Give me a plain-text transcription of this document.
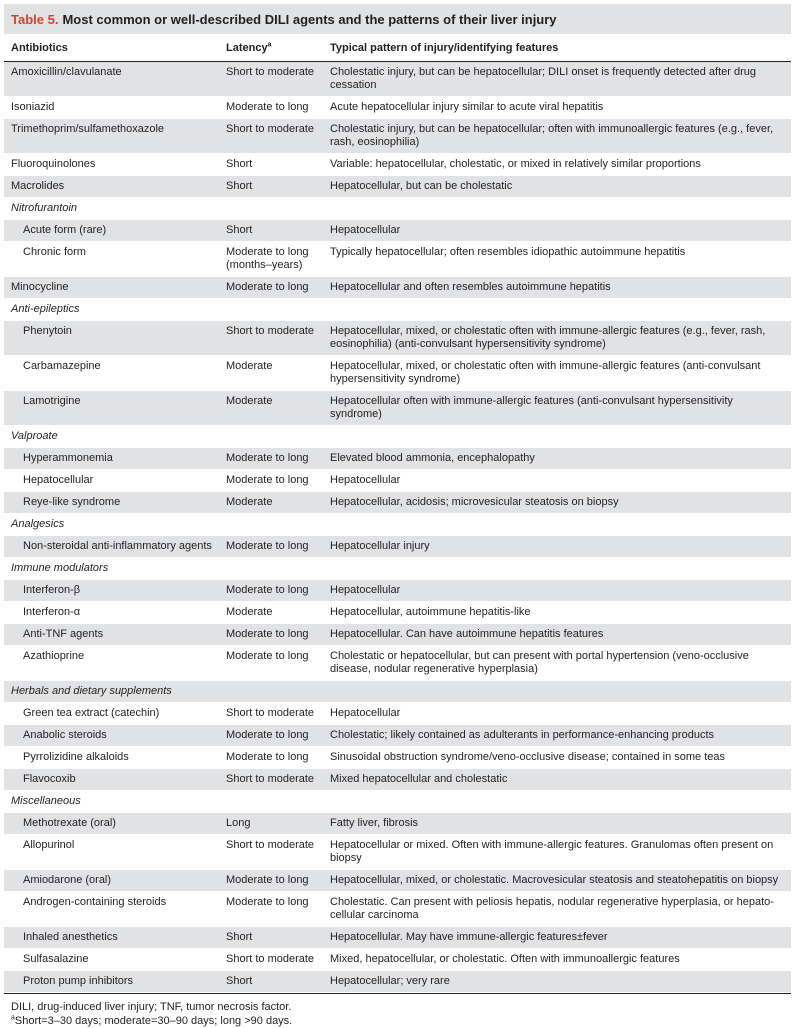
Table 5. Most common or well-described DILI agents and the patterns of their liver injury
Antibiotics	Latency$^a$	Typical pattern of injury/identifying features
Amoxicillin/clavulanate	Short to moderate	Cholestatic injury, but can be hepatocellular; DILI onset is frequently detected after drug cessation
Isoniazid	Moderate to long	Acute hepatocellular injury similar to acute viral hepatitis
Trimethoprim/sulfamethoxazole	Short to moderate	Cholestatic injury, but can be hepatocellular; often with immunoallergic features (e.g., fever, rash, eosinophilia)
Fluoroquinolones	Short	Variable: hepatocellular, cholestatic, or mixed in relatively similar proportions
Macrolides	Short	Hepatocellular, but can be cholestatic
Nitrofurantoin		
Acute form (rare)	Short	Hepatocellular
Chronic form	Moderate to long (months–years)	Typically hepatocellular; often resembles idiopathic autoimmune hepatitis
Minocycline	Moderate to long	Hepatocellular and often resembles autoimmune hepatitis
Anti-epileptics		
Phenytoin	Short to moderate	Hepatocellular, mixed, or cholestatic often with immune-allergic features (e.g., fever, rash, eosinophilia) (anti-convulsant hypersensitivity syndrome)
Carbamazepine	Moderate	Hepatocellular, mixed, or cholestatic often with immune-allergic features (anti-convulsant hypersensitivity syndrome)
Lamotrigine	Moderate	Hepatocellular often with immune-allergic features (anti-convulsant hypersensitivity syndrome)
Valproate		
Hyperammonemia	Moderate to long	Elevated blood ammonia, encephalopathy
Hepatocellular	Moderate to long	Hepatocellular
Reye-like syndrome	Moderate	Hepatocellular, acidosis; microvesicular steatosis on biopsy
Analgesics		
Non-steroidal anti-inflammatory agents	Moderate to long	Hepatocellular injury
Immune modulators		
Interferon-β	Moderate to long	Hepatocellular
Interferon-α	Moderate	Hepatocellular, autoimmune hepatitis-like
Anti-TNF agents	Moderate to long	Hepatocellular. Can have autoimmune hepatitis features
Azathioprine	Moderate to long	Cholestatic or hepatocellular, but can present with portal hypertension (veno-occlusive disease, nodular regenerative hyperplasia)
Herbals and dietary supplements		
Green tea extract (catechin)	Short to moderate	Hepatocellular
Anabolic steroids	Moderate to long	Cholestatic; likely contained as adulterants in performance-enhancing products
Pyrrolizidine alkaloids	Moderate to long	Sinusoidal obstruction syndrome/veno-occlusive disease; contained in some teas
Flavocoxib	Short to moderate	Mixed hepatocellular and cholestatic
Miscellaneous		
Methotrexate (oral)	Long	Fatty liver, fibrosis
Allopurinol	Short to moderate	Hepatocellular or mixed. Often with immune-allergic features. Granulomas often present on biopsy
Amiodarone (oral)	Moderate to long	Hepatocellular, mixed, or cholestatic. Macrovesicular steatosis and steatohepatitis on biopsy
Androgen-containing steroids	Moderate to long	Cholestatic. Can present with peliosis hepatis, nodular regenerative hyperplasia, or hepato-cellular carcinoma
Inhaled anesthetics	Short	Hepatocellular. May have immune-allergic features±fever
Sulfasalazine	Short to moderate	Mixed, hepatocellular, or cholestatic. Often with immunoallergic features
Proton pump inhibitors	Short	Hepatocellular; very rare
DILI, drug-induced liver injury; TNF, tumor necrosis factor.
$^a$Short=3–30 days; moderate=30–90 days; long >90 days.
